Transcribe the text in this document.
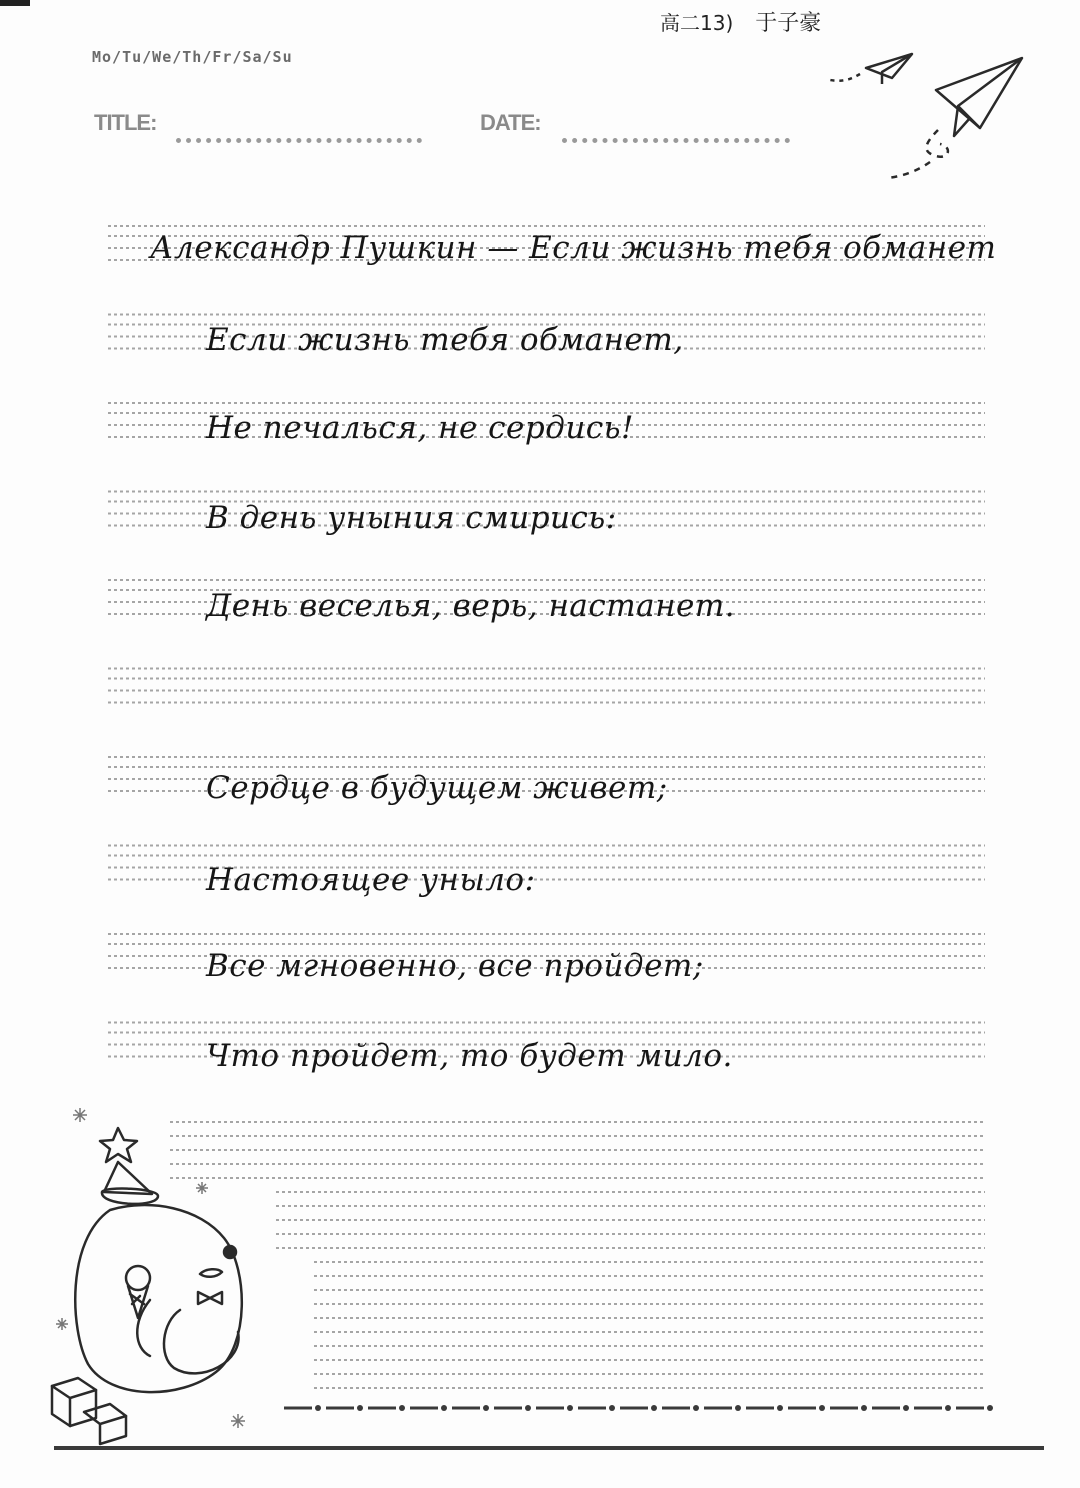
高二13) 于子豪
Mo/Tu/We/Th/Fr/Sa/Su
TITLE:	DATE:
Александр Пушкин — Если жизнь тебя обманет
Если жизнь тебя обманет,
Не печалься, не сердись!
В день уныния смирись:
День веселья, верь, настанет.
Сердце в будущем живет;
Настоящее уныло:
Все мгновенно, все пройдет;
Что пройдет, то будет мило.
